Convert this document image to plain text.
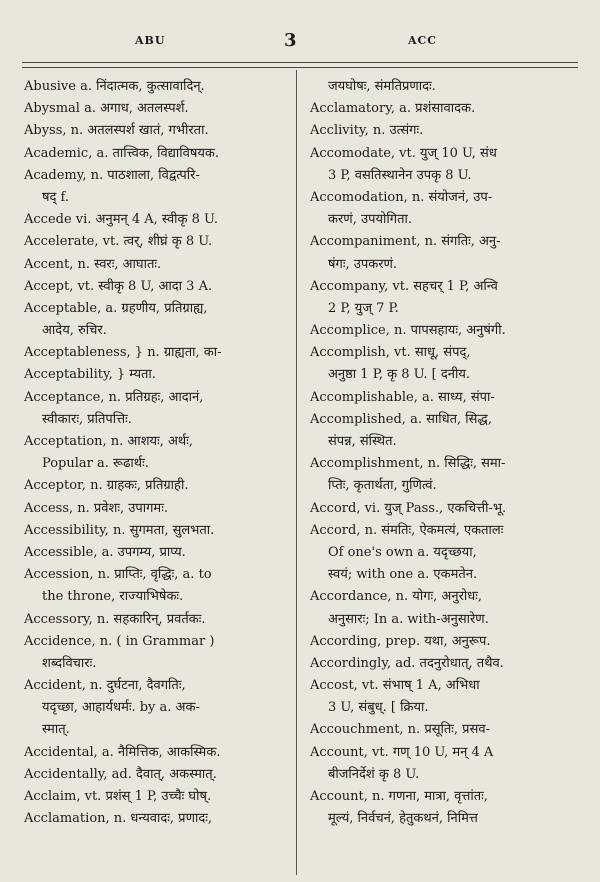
ABU	3	ACC
Abusive a. निंदात्मक, कुत्सावादिन्.
Abysmal a. अगाध, अतलस्पर्श.
Abyss, n. अतलस्पर्श खातं, गभीरता.
Academic, a. तात्त्विक, विद्याविषयक.
Academy, n. पाठशाला, विद्वत्परि-
षद् f.
Accede vi. अनुमन् 4 A, स्वीकृ 8 U.
Accelerate, vt. त्वर्, शीघ्रं कृ 8 U.
Accent, n. स्वरः, आघातः.
Accept, vt. स्वीकृ 8 U, आदा 3 A.
Acceptable, a. ग्रहणीय, प्रतिग्राह्य,
आदेय, रुचिर.
Acceptableness, } n. ग्राह्यता, का-
Acceptability, } म्यता.
Acceptance, n. प्रतिग्रहः, आदानं,
स्वीकारः, प्रतिपत्तिः.
Acceptation, n. आशयः, अर्थः,
Popular a. रूढार्थः.
Acceptor, n. ग्राहकः, प्रतिग्राही.
Access, n. प्रवेशः, उपागमः.
Accessibility, n. सुगमता, सुलभता.
Accessible, a. उपगम्य, प्राप्य.
Accession, n. प्राप्तिः, वृद्धिः, a. to
the throne, राज्याभिषेकः.
Accessory, n. सहकारिन्, प्रवर्तकः.
Accidence, n. ( in Grammar )
शब्दविचारः.
Accident, n. दुर्घटना, दैवगतिः,
यदृच्छा, आहार्यधर्मः. by a. अक-
स्मात्.
Accidental, a. नैमित्तिक, आकस्मिक.
Accidentally, ad. दैवात्, अकस्मात्.
Acclaim, vt. प्रशंस् 1 P, उच्चैः घोष्.
Acclamation, n. धन्यवादः, प्रणादः,
जयघोषः, संमतिप्रणादः.
Acclamatory, a. प्रशंसावादक.
Acclivity, n. उत्संगः.
Accomodate, vt. युज् 10 U, संध
3 P, वसतिस्थानेन उपकृ 8 U.
Accomodation, n. संयोजनं, उप-
करणं, उपयोगिता.
Accompaniment, n. संगतिः, अनु-
षंगः, उपकरणं.
Accompany, vt. सहचर् 1 P, अन्वि
2 P, युज् 7 P.
Accomplice, n. पापसहायः, अनुषंगी.
Accomplish, vt. साधू, संपद्,
अनुष्ठा 1 P, कृ 8 U. [ दनीय.
Accomplishable, a. साध्य, संपा-
Accomplished, a. साधित, सिद्ध,
संपन्न, संस्थित.
Accomplishment, n. सिद्धिः, समा-
प्तिः, कृतार्थता, गुणित्वं.
Accord, vi. युज् Pass., एकचित्ती-भू.
Accord, n. संमतिः, ऐकमत्यं, एकतालः
Of one's own a. यदृच्छया,
स्वयं; with one a. एकमतेन.
Accordance, n. योगः, अनुरोधः,
अनुसारः; In a. with-अनुसारेण.
According, prep. यथा, अनुरूप.
Accordingly, ad. तदनुरोधात्, तथैव.
Accost, vt. संभाष् 1 A, अभिधा
3 U, संबुध्. [ क्रिया.
Accouchment, n. प्रसूतिः, प्रसव-
Account, vt. गण् 10 U, मन् 4 A
बीजनिर्देशं कृ 8 U.
Account, n. गणना, मात्रा, वृत्तांतः,
मूल्यं, निर्वचनं, हेतुकथनं, निमित्त
